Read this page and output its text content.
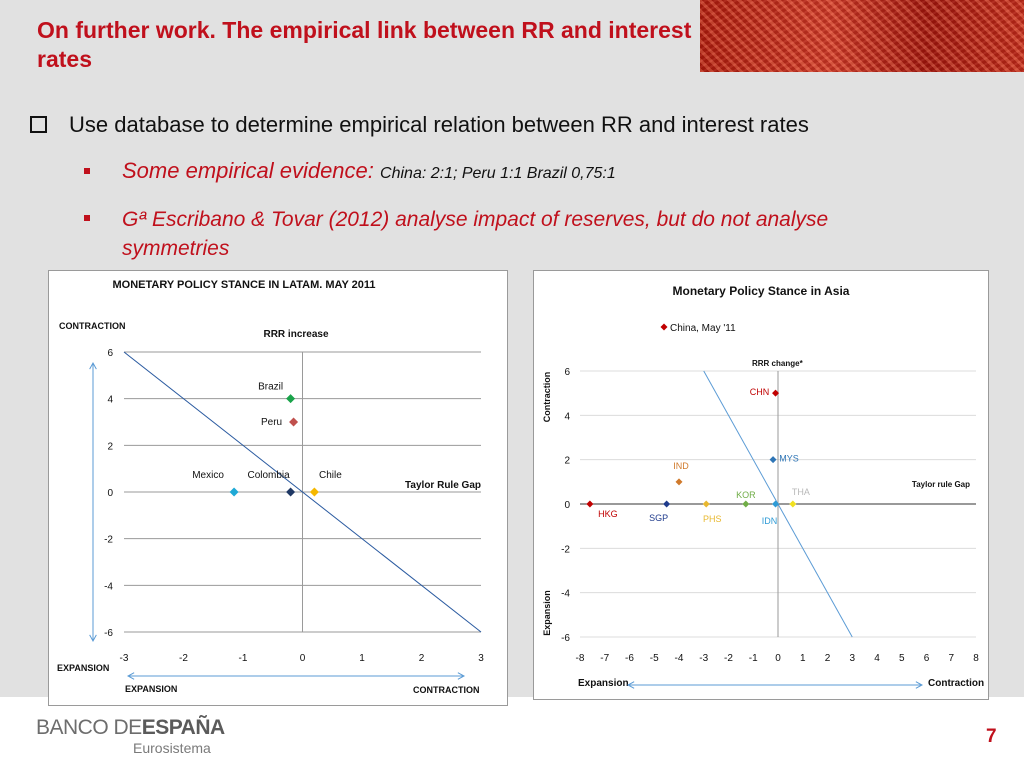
On further work. The empirical link between RR and interest rates
Use database to determine empirical relation between RR and interest rates
Some empirical evidence: China: 2:1; Peru 1:1 Brazil 0,75:1
Gª Escribano & Tovar (2012) analyse impact of reserves, but do not analyse symmetries
MONETARY POLICY STANCE IN LATAM. MAY 2011
CONTRACTION
RRR increase
Taylor Rule Gap
EXPANSION
EXPANSION	CONTRACTION
6
4
2
0
-2
-4
-6
-3	-2	-1	0	1	2	3
Brazil
Peru
Mexico Colombia	Chile
Monetary Policy Stance in Asia
China, May '11
RRR change*
Taylor rule Gap
Contraction
Expansion
6
4
2
0
-2
-4
-6
-8 -7 -6 -5 -4 -3 -2 -1 0 1 2 3 4 5 6 7 8
Expansion	Contraction
CHN
MYS
IND
KOR	THA
HKG	SGP	PHS	IDN
BANCO DEESPAÑA
Eurosistema
7
